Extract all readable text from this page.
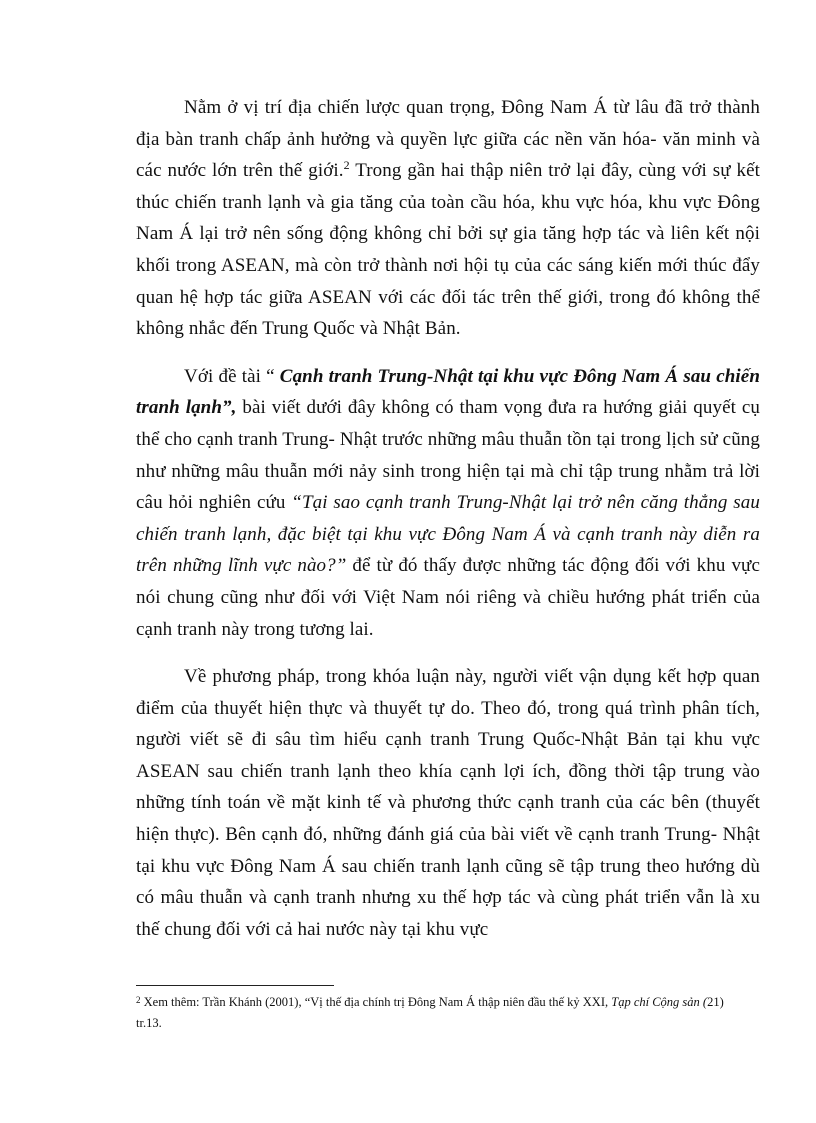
Nằm ở vị trí địa chiến lược quan trọng, Đông Nam Á từ lâu đã trở thành địa bàn tranh chấp ảnh hưởng và quyền lực giữa các nền văn hóa- văn minh và các nước lớn trên thế giới.$^2$ Trong gần hai thập niên trở lại đây, cùng với sự kết thúc chiến tranh lạnh và gia tăng của toàn cầu hóa, khu vực hóa, khu vực Đông Nam Á lại trở nên sống động không chỉ bởi sự gia tăng hợp tác và liên kết nội khối trong ASEAN, mà còn trở thành nơi hội tụ của các sáng kiến mới thúc đẩy quan hệ hợp tác giữa ASEAN với các đối tác trên thế giới, trong đó không thể không nhắc đến Trung Quốc và Nhật Bản.

Với đề tài “ Cạnh tranh Trung-Nhật tại khu vực Đông Nam Á sau chiến tranh lạnh”, bài viết dưới đây không có tham vọng đưa ra hướng giải quyết cụ thể cho cạnh tranh Trung- Nhật trước những mâu thuẫn tồn tại trong lịch sử cũng như những mâu thuẫn mới nảy sinh trong hiện tại mà chỉ tập trung nhằm trả lời câu hỏi nghiên cứu “Tại sao cạnh tranh Trung-Nhật lại trở nên căng thẳng sau chiến tranh lạnh, đặc biệt tại khu vực Đông Nam Á và cạnh tranh này diễn ra trên những lĩnh vực nào?” để từ đó thấy được những tác động đối với khu vực nói chung cũng như đối với Việt Nam nói riêng và chiều hướng phát triển của cạnh tranh này trong tương lai.

Về phương pháp, trong khóa luận này, người viết vận dụng kết hợp quan điểm của thuyết hiện thực và thuyết tự do. Theo đó, trong quá trình phân tích, người viết sẽ đi sâu tìm hiểu cạnh tranh Trung Quốc-Nhật Bản tại khu vực ASEAN sau chiến tranh lạnh theo khía cạnh lợi ích, đồng thời tập trung vào những tính toán về mặt kinh tế và phương thức cạnh tranh của các bên (thuyết hiện thực). Bên cạnh đó, những đánh giá của bài viết về cạnh tranh Trung- Nhật tại khu vực Đông Nam Á sau chiến tranh lạnh cũng sẽ tập trung theo hướng dù có mâu thuẫn và cạnh tranh nhưng xu thế hợp tác và cùng phát triển vẫn là xu thế chung đối với cả hai nước này tại khu vực

$^2$ Xem thêm: Trần Khánh (2001), “Vị thế địa chính trị Đông Nam Á thập niên đầu thế kỷ XXI, Tạp chí Cộng sản (21) tr.13.
